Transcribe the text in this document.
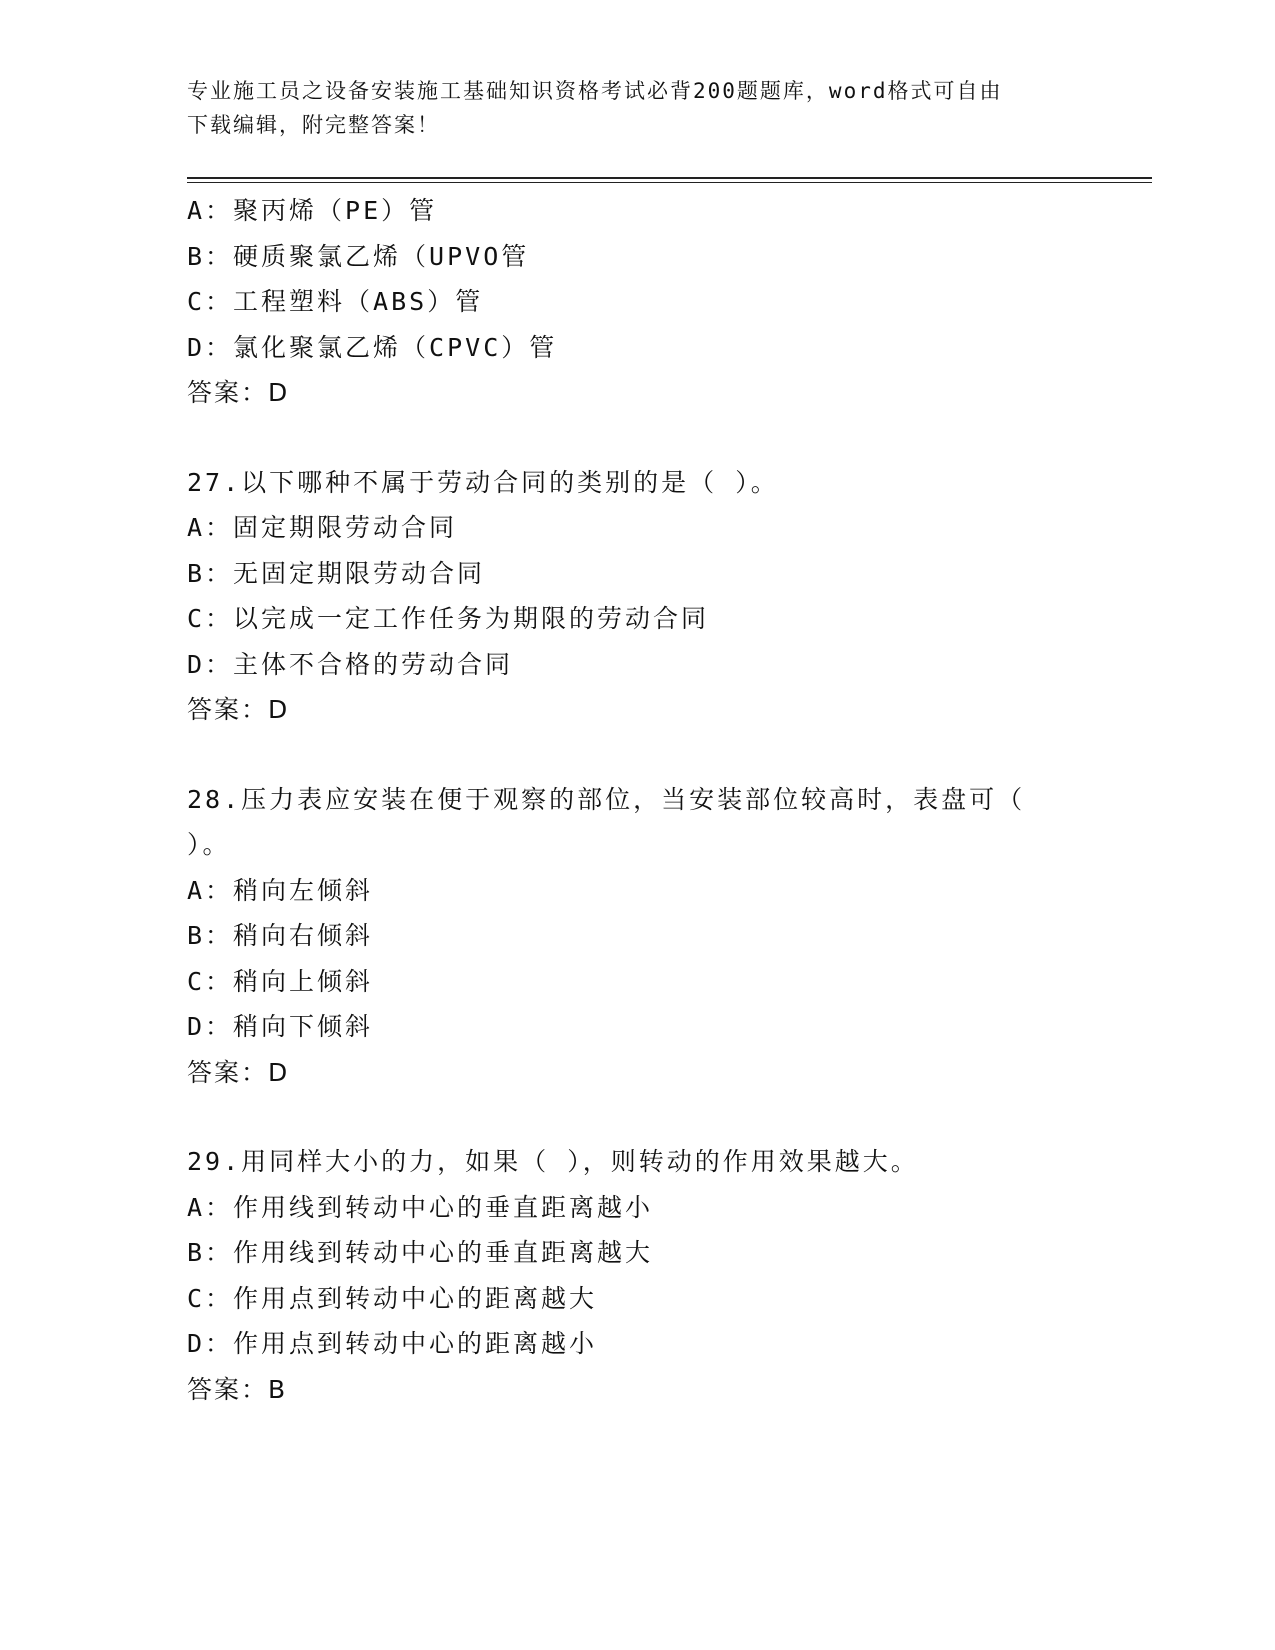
专业施工员之设备安装施工基础知识资格考试必背200题题库，word格式可自由
下载编辑，附完整答案！
A：聚丙烯（PE）管
B：硬质聚氯乙烯（UPVO管
C：工程塑料（ABS）管
D：氯化聚氯乙烯（CPVC）管
答案：D
27.以下哪种不属于劳动合同的类别的是（ ）。
A：固定期限劳动合同
B：无固定期限劳动合同
C：以完成一定工作任务为期限的劳动合同
D：主体不合格的劳动合同
答案：D
28.压力表应安装在便于观察的部位，当安装部位较高时，表盘可（
）。
A：稍向左倾斜
B：稍向右倾斜
C：稍向上倾斜
D：稍向下倾斜
答案：D
29.用同样大小的力，如果（ ），则转动的作用效果越大。
A：作用线到转动中心的垂直距离越小
B：作用线到转动中心的垂直距离越大
C：作用点到转动中心的距离越大
D：作用点到转动中心的距离越小
答案：B
